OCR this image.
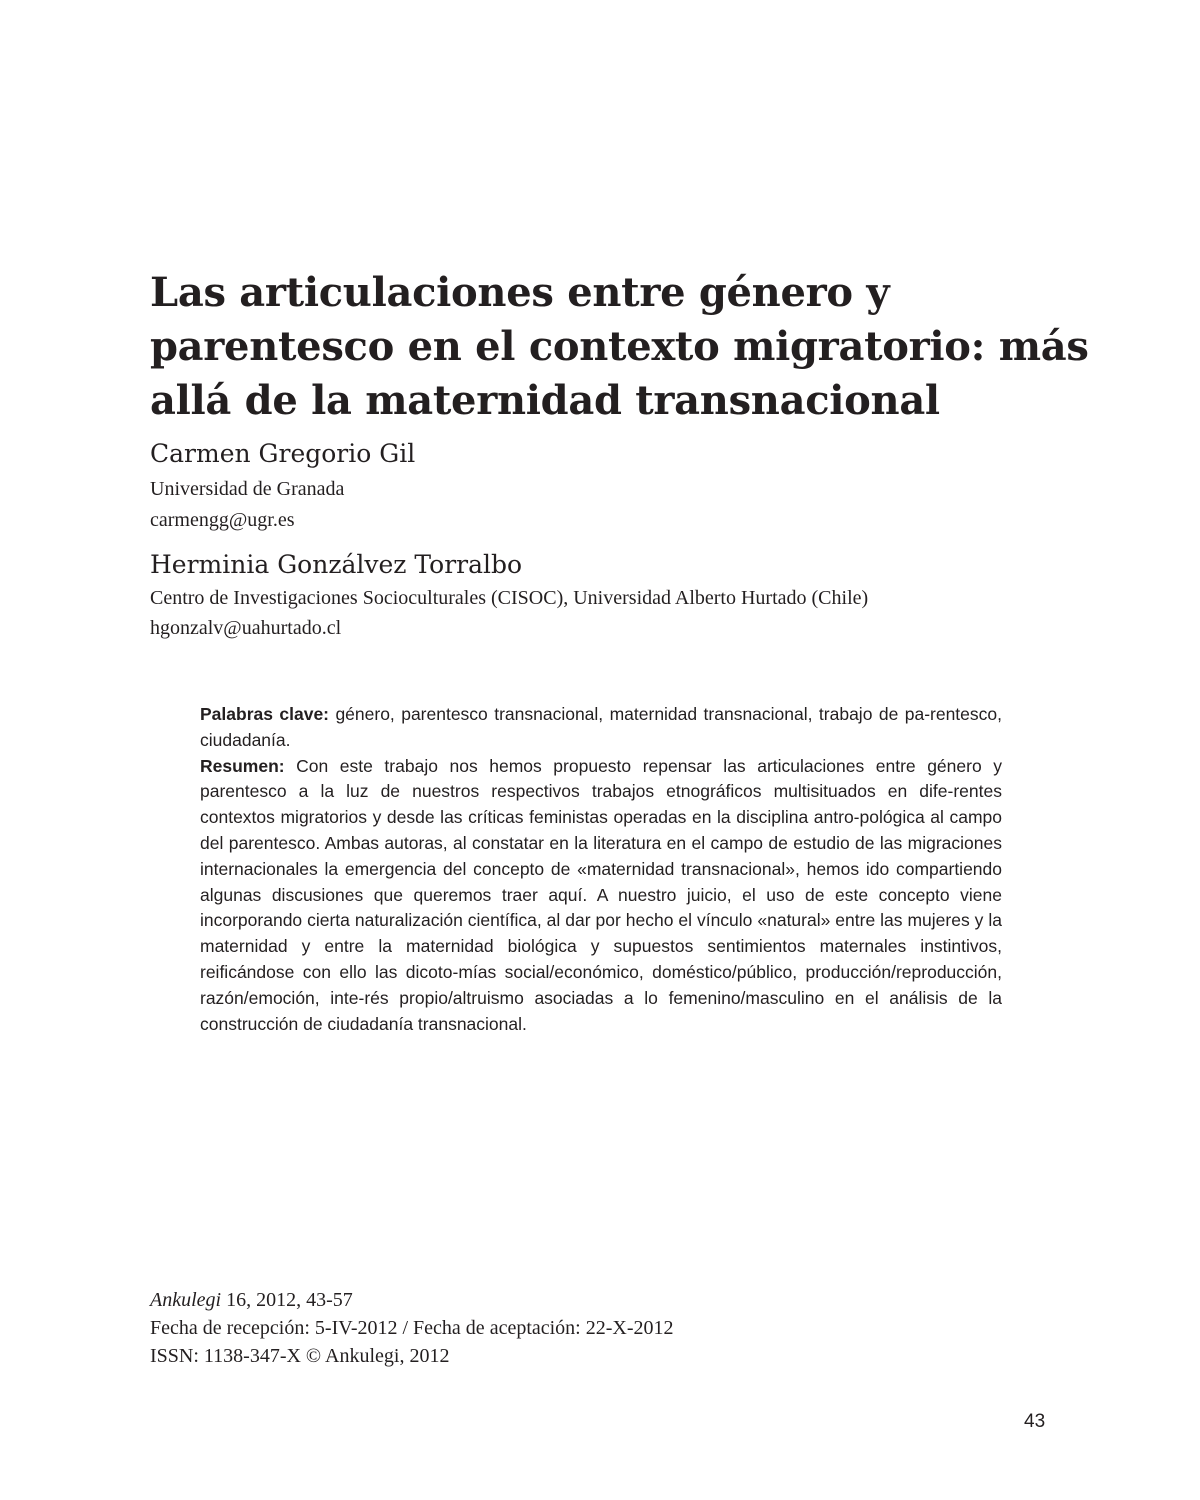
Las articulaciones entre género y
parentesco en el contexto migratorio: más
allá de la maternidad transnacional
Carmen Gregorio Gil
Universidad de Granada
carmengg@ugr.es
Herminia Gonzálvez Torralbo
Centro de Investigaciones Socioculturales (CISOC), Universidad Alberto Hurtado (Chile)
hgonzalv@uahurtado.cl

Palabras clave: género, parentesco transnacional, maternidad transnacional, trabajo de pa-rentesco, ciudadanía.

Resumen: Con este trabajo nos hemos propuesto repensar las articulaciones entre género y parentesco a la luz de nuestros respectivos trabajos etnográficos multisituados en dife-rentes contextos migratorios y desde las críticas feministas operadas en la disciplina antro-pológica al campo del parentesco. Ambas autoras, al constatar en la literatura en el campo de estudio de las migraciones internacionales la emergencia del concepto de «maternidad transnacional», hemos ido compartiendo algunas discusiones que queremos traer aquí. A nuestro juicio, el uso de este concepto viene incorporando cierta naturalización científica, al dar por hecho el vínculo «natural» entre las mujeres y la maternidad y entre la maternidad biológica y supuestos sentimientos maternales instintivos, reificándose con ello las dicoto-mías social/económico, doméstico/público, producción/reproducción, razón/emoción, inte-rés propio/altruismo asociadas a lo femenino/masculino en el análisis de la construcción de ciudadanía transnacional.

Ankulegi 16, 2012, 43-57
Fecha de recepción: 5-IV-2012 / Fecha de aceptación: 22-X-2012
ISSN: 1138-347-X © Ankulegi, 2012
43
